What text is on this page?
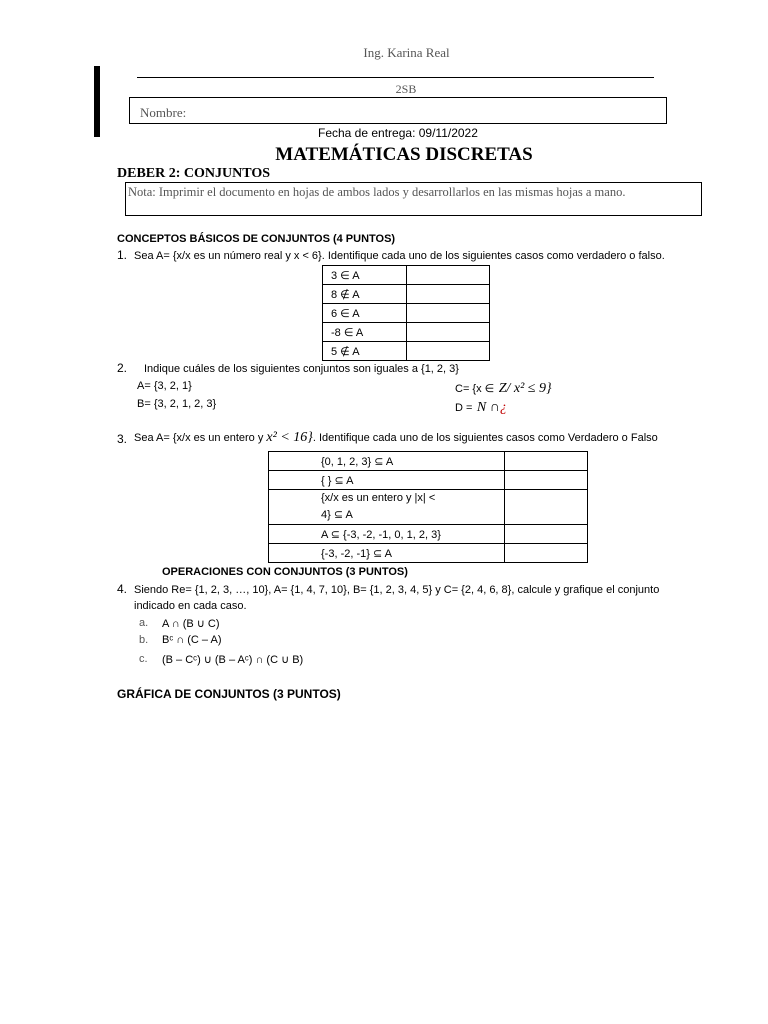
Ing. Karina Real
2SB
Nombre:
Fecha de entrega: 09/11/2022
MATEMÁTICAS DISCRETAS
DEBER 2: CONJUNTOS
Nota: Imprimir el documento en hojas de ambos lados y desarrollarlos en las mismas hojas a mano.
CONCEPTOS BÁSICOS DE CONJUNTOS (4 PUNTOS)
1. Sea A= {x/x es un número real y x < 6}. Identifique cada uno de los siguientes casos como verdadero o falso.
3 ∈ A	
8 ∉ A	
6 ∈ A	
-8 ∈ A	
5 ∉ A	
2. Indique cuáles de los siguientes conjuntos son iguales a {1, 2, 3}
A= {3, 2, 1}
B= {3, 2, 1, 2, 3}
C= {x ∈ Z/ x² ≤ 9}
D = N ∩¿
3. Sea A= {x/x es un entero y x² < 16}. Identifique cada uno de los siguientes casos como Verdadero o Falso
{0, 1, 2, 3} ⊆ A	
{ } ⊆ A	

{x/x es un entero y |x| <
4} ⊆ A	

A ⊆ {-3, -2, -1, 0, 1, 2, 3}	
{-3, -2, -1} ⊆ A	
OPERACIONES CON CONJUNTOS (3 PUNTOS)
4. Siendo Re= {1, 2, 3, …, 10}, A= {1, 4, 7, 10}, B= {1, 2, 3, 4, 5} y C= {2, 4, 6, 8}, calcule y grafique el conjunto
indicado en cada caso.
a. A ∩ (B ∪ C)
b. Bᶜ ∩ (C – A)
c. (B – Cᶜ) ∪ (B – Aᶜ) ∩ (C ∪ B)
GRÁFICA DE CONJUNTOS (3 PUNTOS)
